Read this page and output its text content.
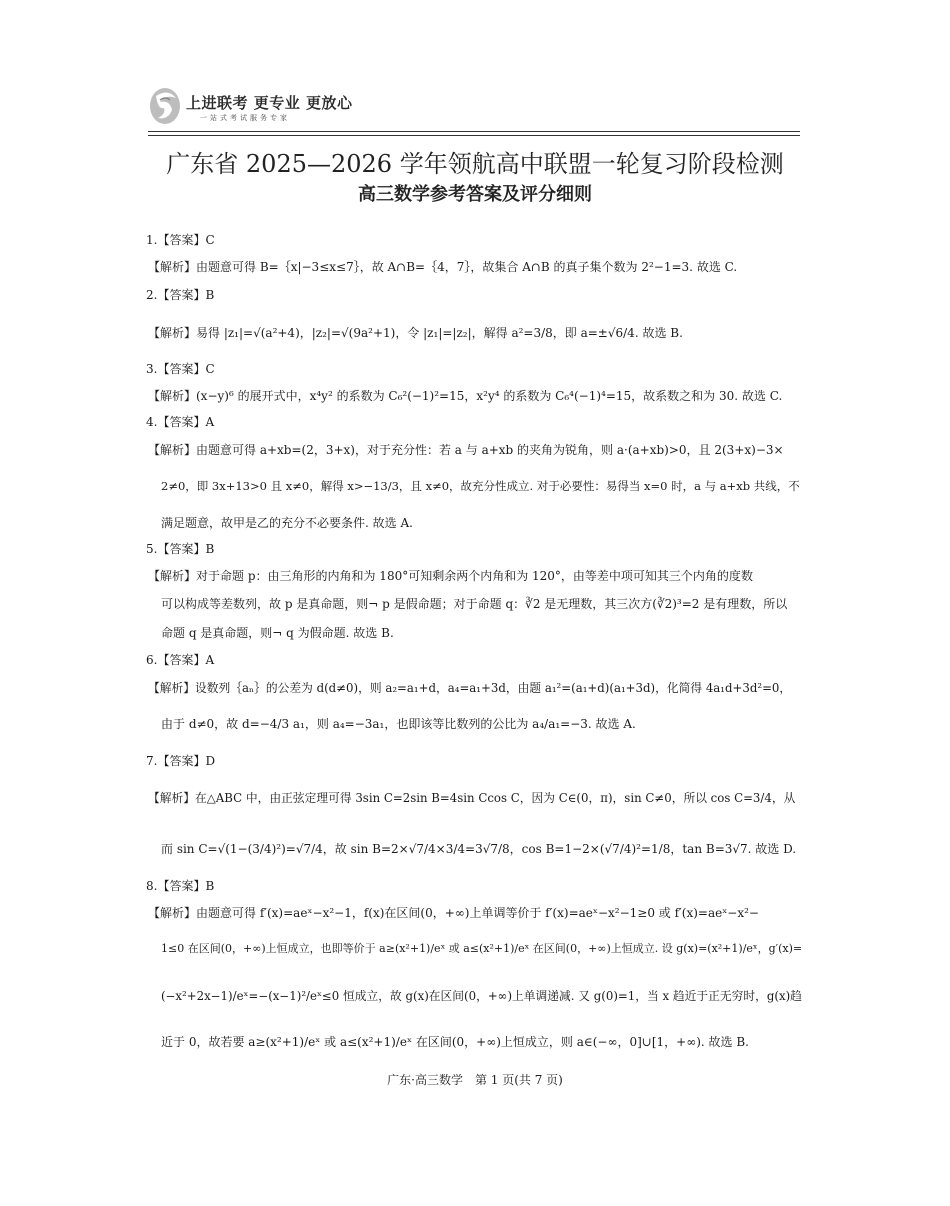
上进联考 更专业 更放心
一站式考试服务专家
广东省 2025—2026 学年领航高中联盟一轮复习阶段检测
高三数学参考答案及评分细则
1.【答案】C
【解析】由题意可得 B=｛x|−3≤x≤7｝，故 A∩B=｛4，7｝，故集合 A∩B 的真子集个数为 2²−1=3. 故选 C.
2.【答案】B
【解析】易得 |z₁|=√(a²+4)，|z₂|=√(9a²+1)，令 |z₁|=|z₂|，解得 a²=3/8，即 a=±√6/4. 故选 B.
3.【答案】C
【解析】(x−y)⁶ 的展开式中，x⁴y² 的系数为 C₆²(−1)²=15，x²y⁴ 的系数为 C₆⁴(−1)⁴=15，故系数之和为 30. 故选 C.
4.【答案】A
【解析】由题意可得 a+xb=(2，3+x)，对于充分性：若 a 与 a+xb 的夹角为锐角，则 a·(a+xb)>0，且 2(3+x)−3×
2≠0，即 3x+13>0 且 x≠0，解得 x>−13/3，且 x≠0，故充分性成立. 对于必要性：易得当 x=0 时，a 与 a+xb 共线，不
满足题意，故甲是乙的充分不必要条件. 故选 A.
5.【答案】B
【解析】对于命题 p：由三角形的内角和为 180°可知剩余两个内角和为 120°，由等差中项可知其三个内角的度数
可以构成等差数列，故 p 是真命题，则¬ p 是假命题；对于命题 q：∛2 是无理数，其三次方(∛2)³=2 是有理数，所以
命题 q 是真命题，则¬ q 为假命题. 故选 B.
6.【答案】A
【解析】设数列｛aₙ｝的公差为 d(d≠0)，则 a₂=a₁+d，a₄=a₁+3d，由题 a₁²=(a₁+d)(a₁+3d)，化简得 4a₁d+3d²=0，
由于 d≠0，故 d=−4/3 a₁，则 a₄=−3a₁，也即该等比数列的公比为 a₄/a₁=−3. 故选 A.
7.【答案】D
【解析】在△ABC 中，由正弦定理可得 3sin C=2sin B=4sin Ccos C，因为 C∈(0，π)，sin C≠0，所以 cos C=3/4，从
而 sin C=√(1−(3/4)²)=√7/4，故 sin B=2×√7/4×3/4=3√7/8，cos B=1−2×(√7/4)²=1/8，tan B=3√7. 故选 D.
8.【答案】B
【解析】由题意可得 f′(x)=aeˣ−x²−1，f(x)在区间(0，+∞)上单调等价于 f′(x)=aeˣ−x²−1≥0 或 f′(x)=aeˣ−x²−
1≤0 在区间(0，+∞)上恒成立，也即等价于 a≥(x²+1)/eˣ 或 a≤(x²+1)/eˣ 在区间(0，+∞)上恒成立. 设 g(x)=(x²+1)/eˣ，g′(x)=
(−x²+2x−1)/eˣ=−(x−1)²/eˣ≤0 恒成立，故 g(x)在区间(0，+∞)上单调递减. 又 g(0)=1，当 x 趋近于正无穷时，g(x)趋
近于 0，故若要 a≥(x²+1)/eˣ 或 a≤(x²+1)/eˣ 在区间(0，+∞)上恒成立，则 a∈(−∞，0]∪[1，+∞). 故选 B.
广东·高三数学　第 1 页(共 7 页)
